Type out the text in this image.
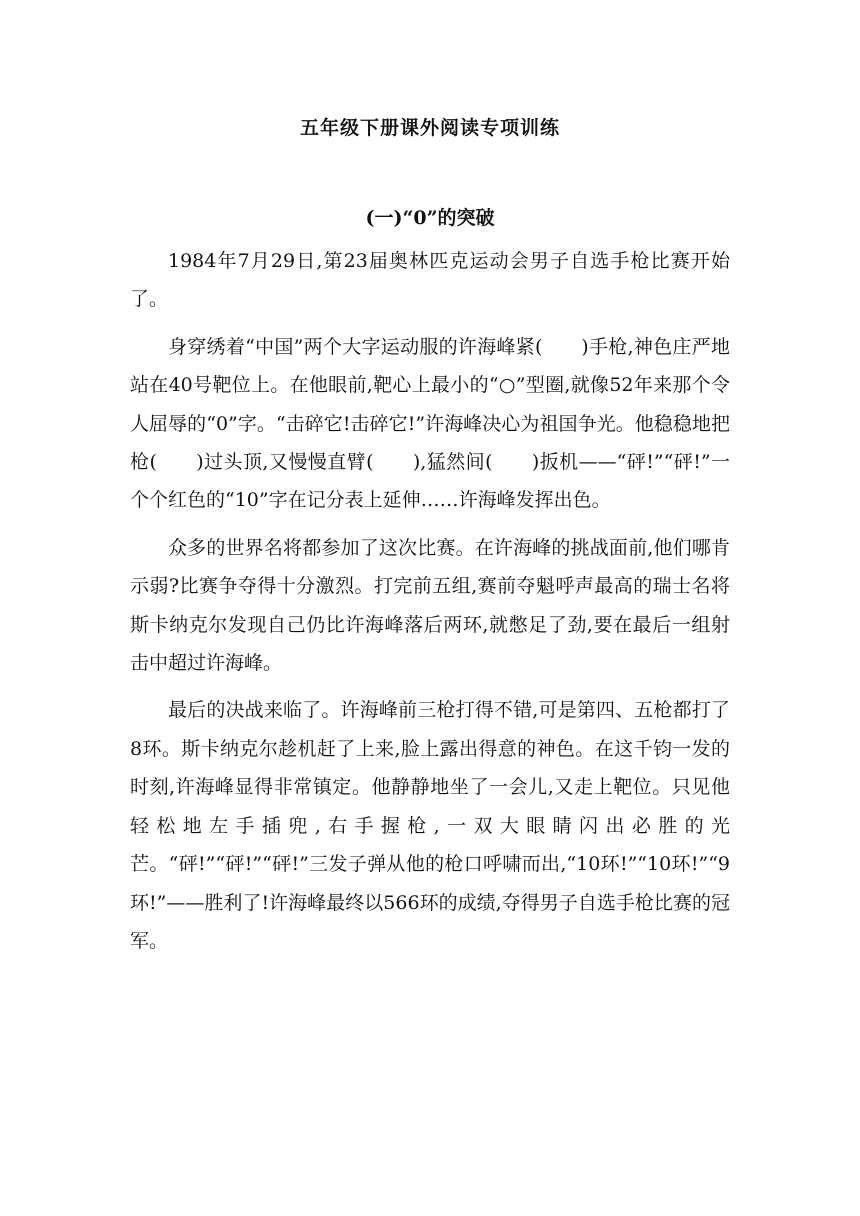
五年级下册课外阅读专项训练
(一)“0”的突破

1984年7月29日,第23届奥林匹克运动会男子自选手枪比赛开始了。

身穿绣着“中国”两个大字运动服的许海峰紧(　　)手枪,神色庄严地站在40号靶位上。在他眼前,靶心上最小的“○”型圈,就像52年来那个令人屈辱的“0”字。“击碎它!击碎它!”许海峰决心为祖国争光。他稳稳地把枪(　　)过头顶,又慢慢直臂(　　),猛然间(　　)扳机——“砰!”“砰!”一个个红色的“10”字在记分表上延伸……许海峰发挥出色。

众多的世界名将都参加了这次比赛。在许海峰的挑战面前,他们哪肯示弱?比赛争夺得十分激烈。打完前五组,赛前夺魁呼声最高的瑞士名将斯卡纳克尔发现自己仍比许海峰落后两环,就憋足了劲,要在最后一组射击中超过许海峰。

最后的决战来临了。许海峰前三枪打得不错,可是第四、五枪都打了8环。斯卡纳克尔趁机赶了上来,脸上露出得意的神色。在这千钧一发的时刻,许海峰显得非常镇定。他静静地坐了一会儿,又走上靶位。只见他轻松地左手插兜,右手握枪,一双大眼睛闪出必胜的光芒。“砰!”“砰!”“砰!”三发子弹从他的枪口呼啸而出,“10环!”“10环!”“9环!”——胜利了!许海峰最终以566环的成绩,夺得男子自选手枪比赛的冠军。
